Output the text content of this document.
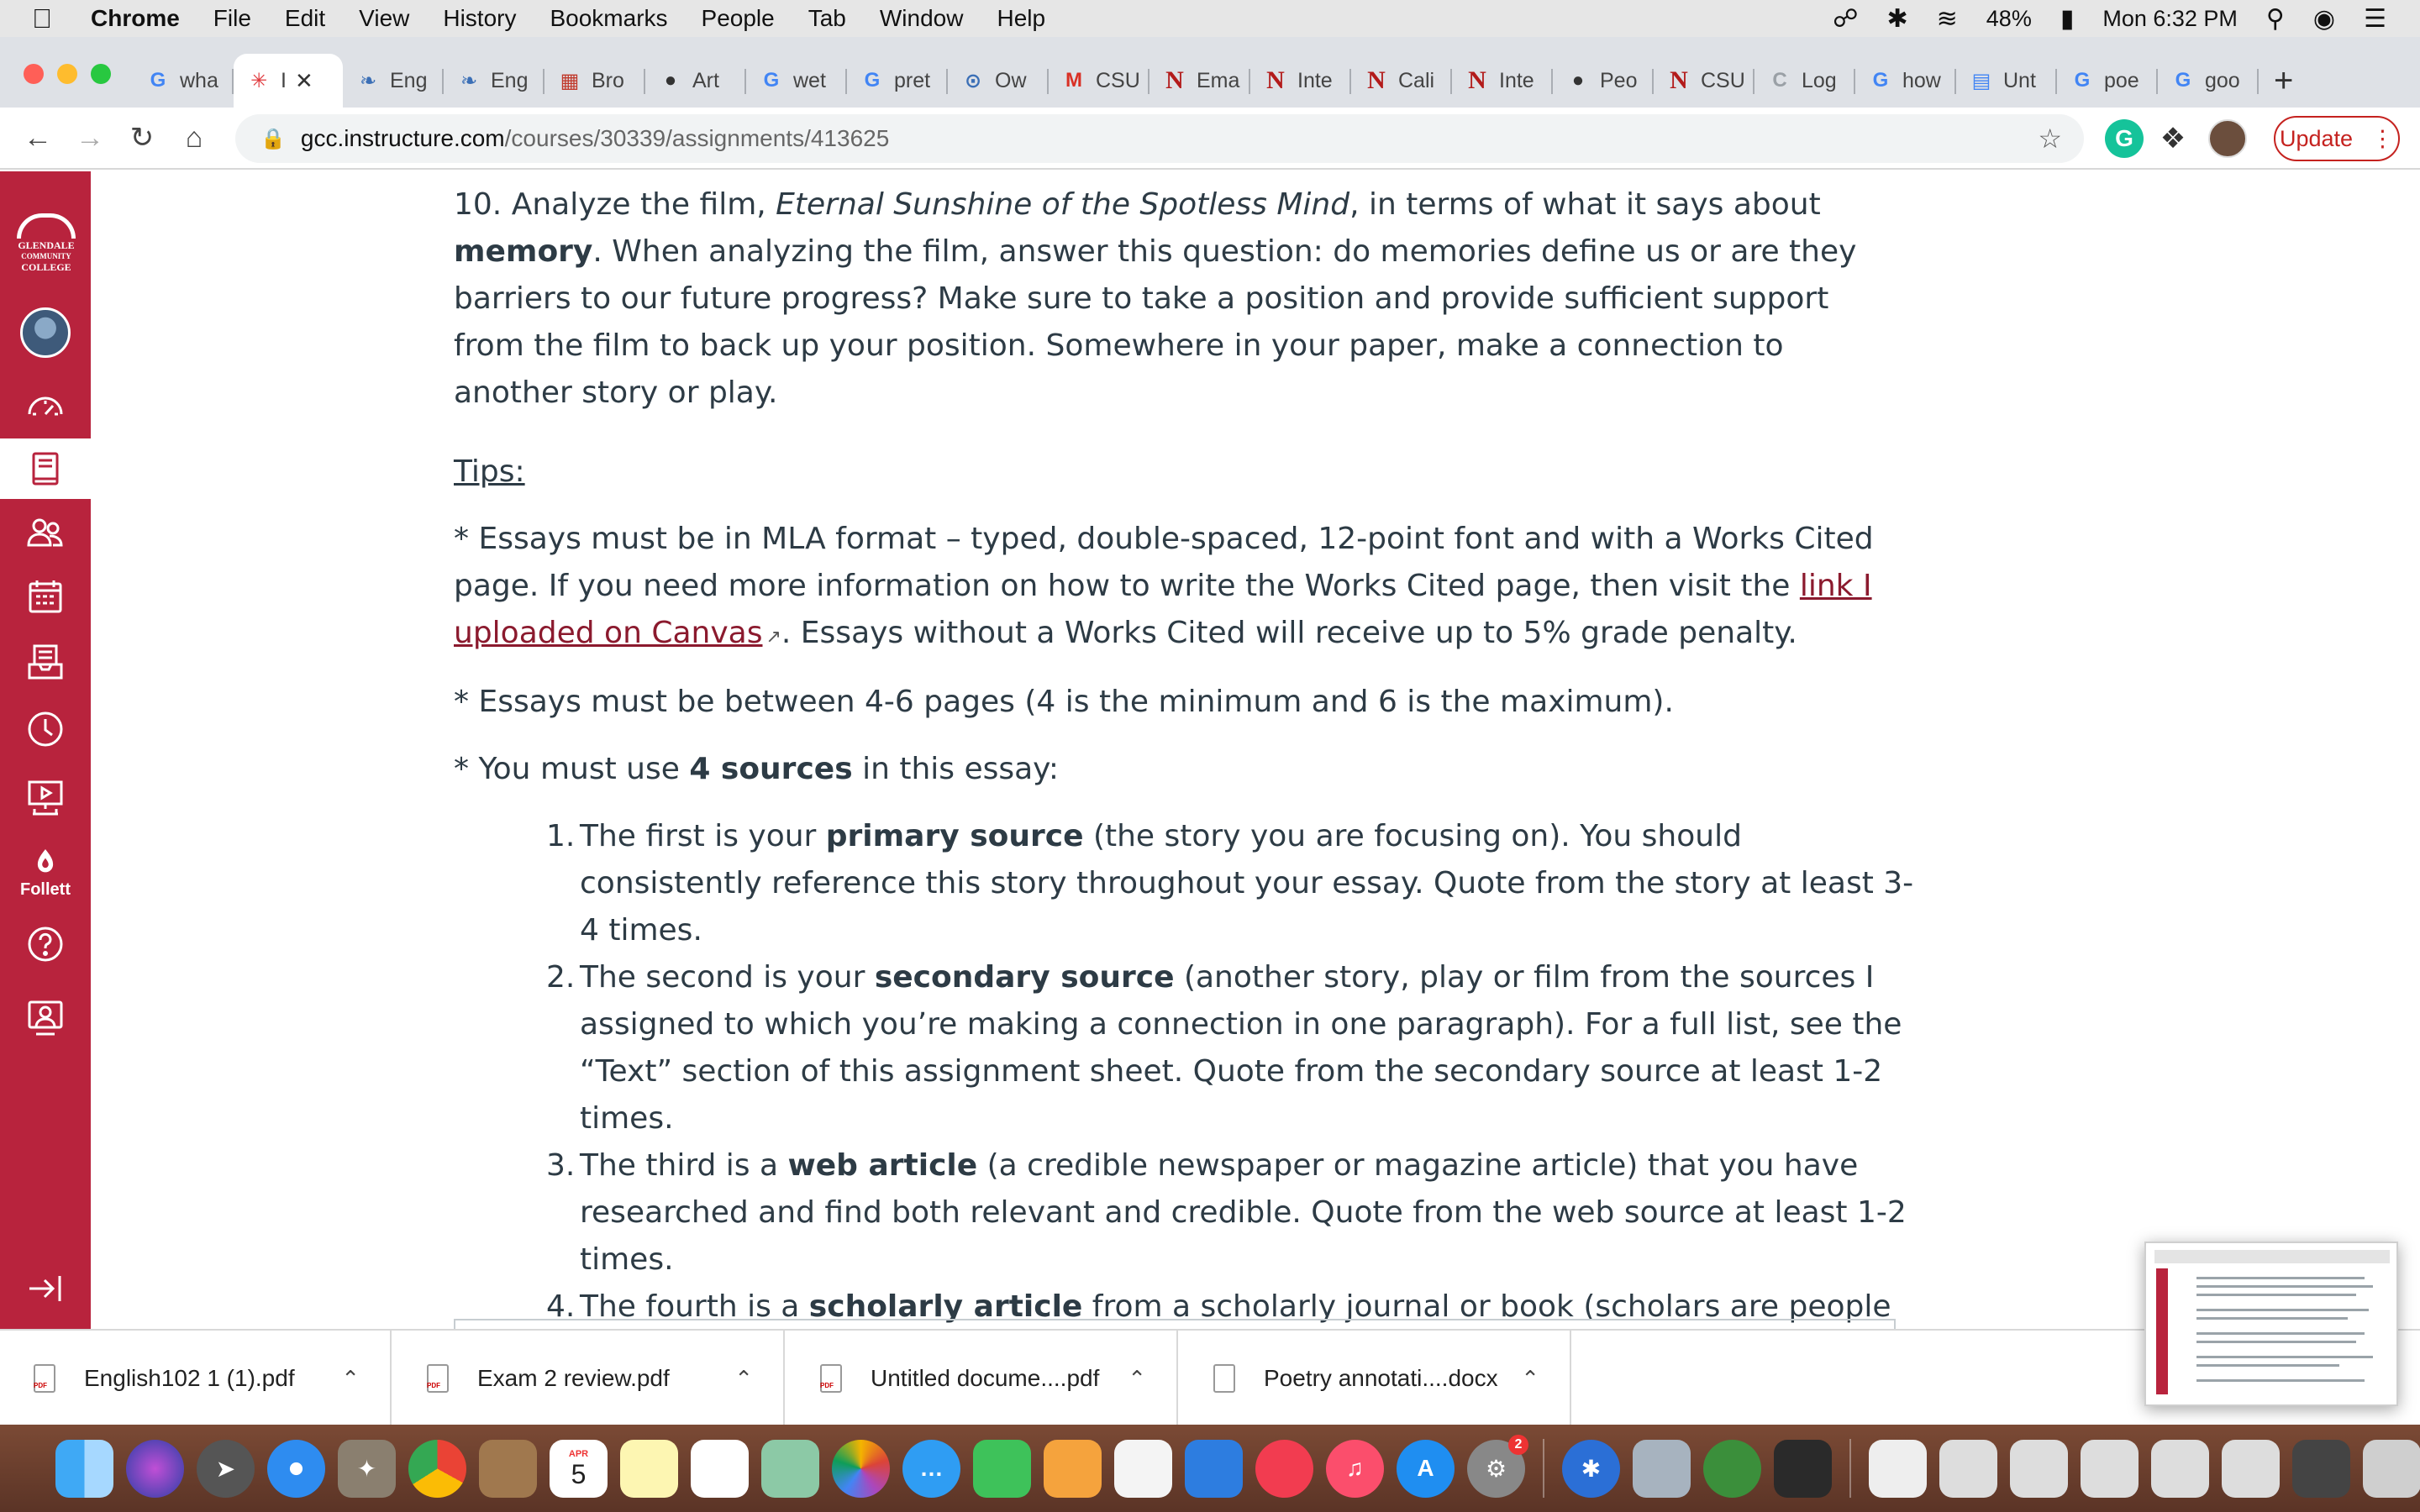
Chrome File Edit View History Bookmarks People Tab Window Help	☍ ✱ ≋ 48% ▮ Mon 6:32 PM ⚲ ◉ ☰
G wha ✳ I ✕ ❧ Eng ❧ Eng ▦ Bro	● Art G wet G pret ⊙ Ow M CSU N Ema N Inte N Cali N Inte	● Peo N CSU	C Log G how ▤ Unt G poe G goo +
← → ↻	⌂	🔒 gcc.instructure.com /courses/30339/assignments/413625	☆	G ❖	Update ⋮
GLENDALE
COMMUNITY
COLLEGE
Follett

10. Analyze the film, Eternal Sunshine of the Spotless Mind, in terms of what it says about memory. When analyzing the film, answer this question: do memories define us or are they barriers to our future progress? Make sure to take a position and provide sufficient support from the film to back up your position. Somewhere in your paper, make a connection to another story or play.

Tips:

* Essays must be in MLA format – typed, double-spaced, 12-point font and with a Works Cited page. If you need more information on how to write the Works Cited page, then visit the link I uploaded on Canvas ↗. Essays without a Works Cited will receive up to 5% grade penalty.

* Essays must be between 4-6 pages (4 is the minimum and 6 is the maximum).

* You must use 4 sources in this essay:

1. The first is your primary source (the story you are focusing on). You should consistently reference this story throughout your essay. Quote from the story at least 3-4 times.
2. The second is your secondary source (another story, play or film from the sources I assigned to which you’re making a connection in one paragraph). For a full list, see the “Text” section of this assignment sheet. Quote from the secondary source at least 1-2 times.
3. The third is a web article (a credible newspaper or magazine article) that you have researched and find both relevant and credible. Quote from the web source at least 1-2 times.
4. The fourth is a scholarly article from a scholarly journal or book (scholars are people
PDF
English102 1 (1).pdf ⌃ PDF	Exam 2 review.pdf	⌃ PDF	Untitled docume....pdf ⌃	Poetry annotati....docx ⌃
➤	✦
APR
5	…	♫	A	⚙
2
✱
